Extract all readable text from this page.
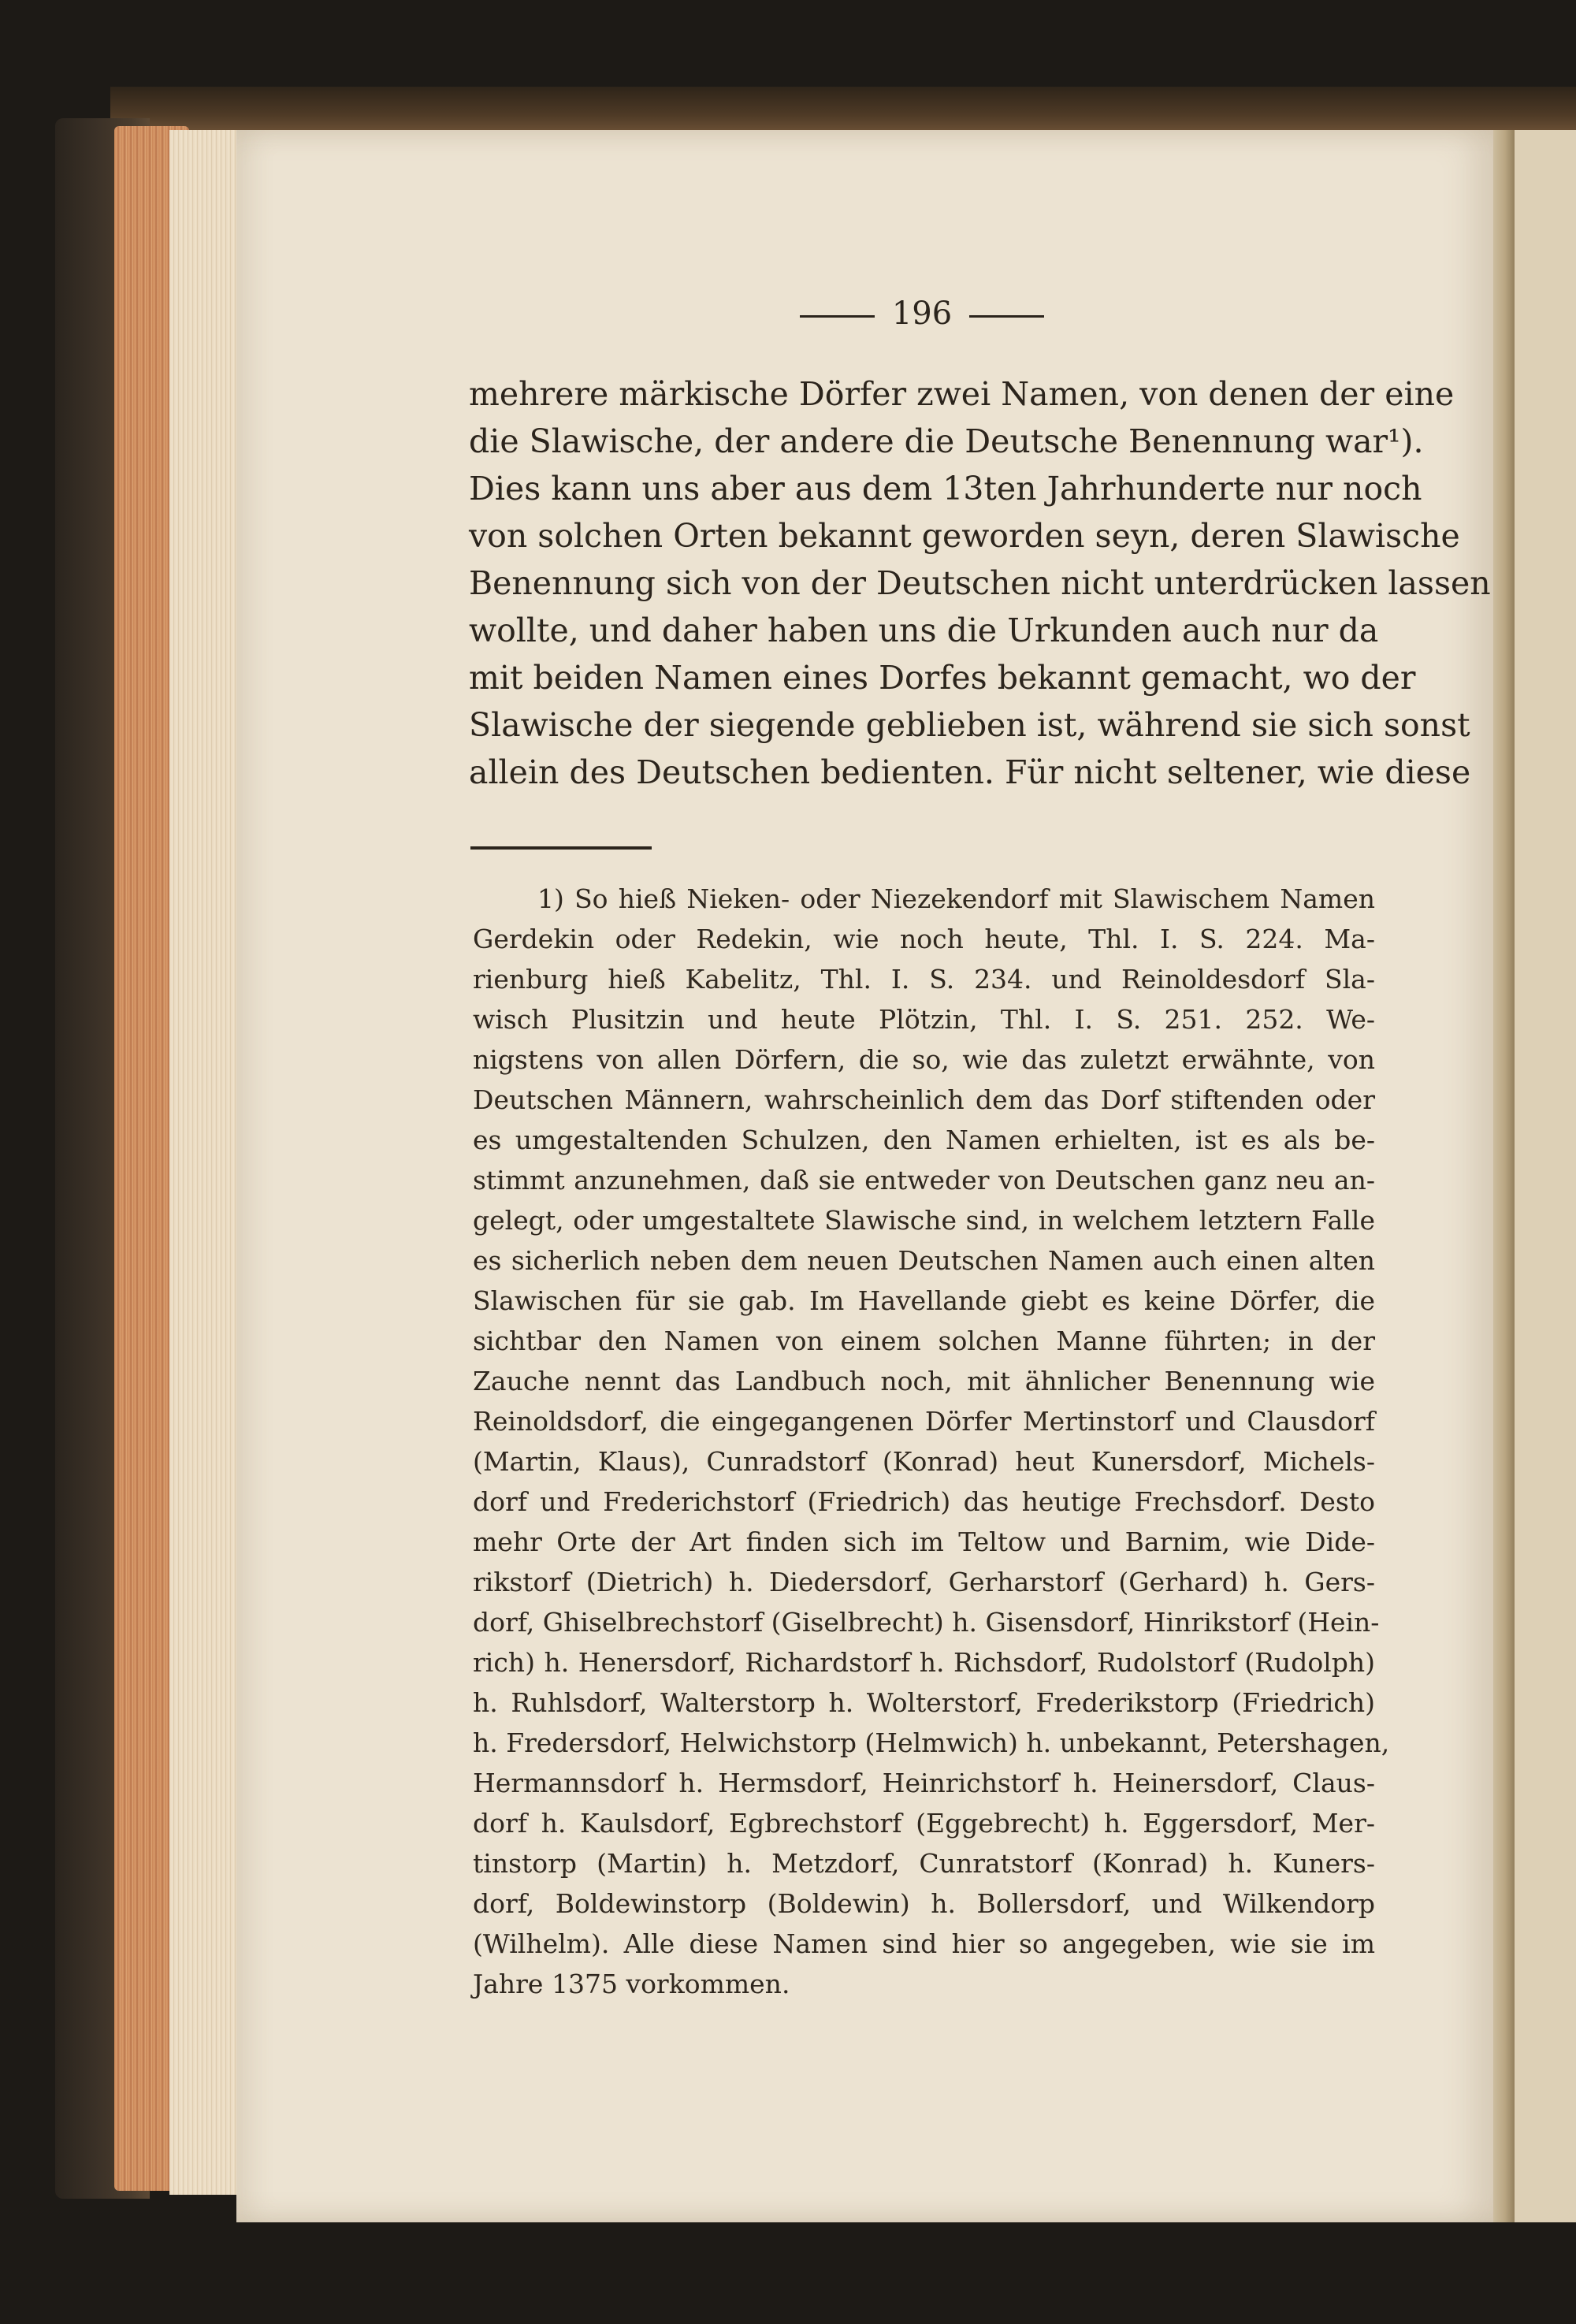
196
mehrere märkische Dörfer zwei Namen, von denen der eine
die Slawische, der andere die Deutsche Benennung war¹).
Dies kann uns aber aus dem 13ten Jahrhunderte nur noch
von solchen Orten bekannt geworden seyn, deren Slawische
Benennung sich von der Deutschen nicht unterdrücken lassen
wollte, und daher haben uns die Urkunden auch nur da
mit beiden Namen eines Dorfes bekannt gemacht, wo der
Slawische der siegende geblieben ist, während sie sich sonst
allein des Deutschen bedienten. Für nicht seltener, wie diese
1) So hieß Nieken- oder Niezekendorf mit Slawischem Namen
Gerdekin oder Redekin, wie noch heute, Thl. I. S. 224. Ma-
rienburg hieß Kabelitz, Thl. I. S. 234. und Reinoldesdorf Sla-
wisch Plusitzin und heute Plötzin, Thl. I. S. 251. 252. We-
nigstens von allen Dörfern, die so, wie das zuletzt erwähnte, von
Deutschen Männern, wahrscheinlich dem das Dorf stiftenden oder
es umgestaltenden Schulzen, den Namen erhielten, ist es als be-
stimmt anzunehmen, daß sie entweder von Deutschen ganz neu an-
gelegt, oder umgestaltete Slawische sind, in welchem letztern Falle
es sicherlich neben dem neuen Deutschen Namen auch einen alten
Slawischen für sie gab. Im Havellande giebt es keine Dörfer, die
sichtbar den Namen von einem solchen Manne führten; in der
Zauche nennt das Landbuch noch, mit ähnlicher Benennung wie
Reinoldsdorf, die eingegangenen Dörfer Mertinstorf und Clausdorf
(Martin, Klaus), Cunradstorf (Konrad) heut Kunersdorf, Michels-
dorf und Frederichstorf (Friedrich) das heutige Frechsdorf. Desto
mehr Orte der Art finden sich im Teltow und Barnim, wie Dide-
rikstorf (Dietrich) h. Diedersdorf, Gerharstorf (Gerhard) h. Gers-
dorf, Ghiselbrechstorf (Giselbrecht) h. Gisensdorf, Hinrikstorf (Hein-
rich) h. Henersdorf, Richardstorf h. Richsdorf, Rudolstorf (Rudolph)
h. Ruhlsdorf, Walterstorp h. Wolterstorf, Frederikstorp (Friedrich)
h. Fredersdorf, Helwichstorp (Helmwich) h. unbekannt, Petershagen,
Hermannsdorf h. Hermsdorf, Heinrichstorf h. Heinersdorf, Claus-
dorf h. Kaulsdorf, Egbrechstorf (Eggebrecht) h. Eggersdorf, Mer-
tinstorp (Martin) h. Metzdorf, Cunratstorf (Konrad) h. Kuners-
dorf, Boldewinstorp (Boldewin) h. Bollersdorf, und Wilkendorp
(Wilhelm). Alle diese Namen sind hier so angegeben, wie sie im
Jahre 1375 vorkommen.
